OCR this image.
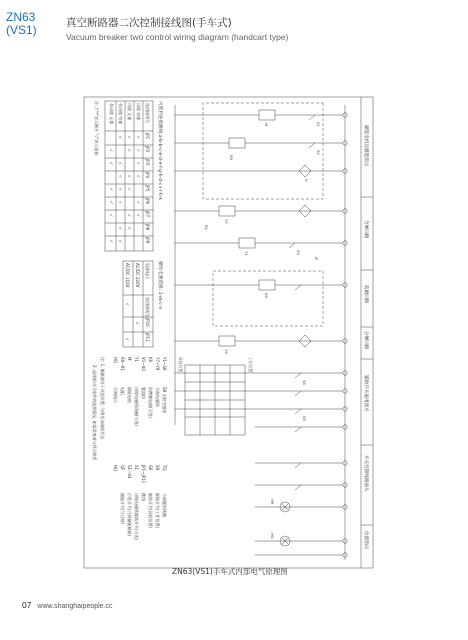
ZN63
(VS1)	真空断路器二次控制接线图(手车式)
Vacuum breaker two control wiring diagram (handcart type)
储能电机及储能指示
合闸回路
防跳回路
分闸回路
辅助开关备用接点
开关控制线路插头
位置指示
M
Y7
K0
Y9
Y1
S1
S2
S3
S8
S9
V
R0
R1
HR
HG
JP
工作位置
试验位置
可选件连接跳线:a-b-b-c-e-d-e-f-g-h-d-c-i-l-h-k
操作电源选择: 1-m-c-n
选用接线号
JP1
JP2
JP3
JP4
JP5
JP6
JP7
JP8
JP9
闭锁 有锁
√
√
√
√
√
√
闭锁 无锁
√
√
√
√
√
√
有闭锁 有锁
√
√
√
√
√
√
√
有闭锁 无锁
√
√
√
√
√
√
注: /:"*"表示断开 "√"表示连接
电源电压
选用接线号
JP10
JP11
AC/DC 220V
√
AC/DC 110V
√
√
Y1~S8
S8 式航空插座
Y7~Y9
分闸电磁铁
K0
防跳继电器(可选)
V1~V4
整流桥
Y1
闭锁电磁铁线圈(可选)
M
储能电机
R0~R1
电阻
HQ
合闸指示
TQ
分闸脱扣线圈
S9
辅助开关(工作位置)
S8
辅助开关(试验位置)
JP1~JP11
跳线
S1
闭锁电磁铁辅助开关(可选)
S1~S4
行程开关(合闸储能辅助)
QF
储能开关(分合闸)
HQ
注: 1. 断路器处于试验位置, 分闸及未储能状态
2. 虚线框内可选件的连接情况, 如需改变请与我司联系
ZN63(VS1)手车式内部电气原理图
07 www.shanghaipeople.cc
